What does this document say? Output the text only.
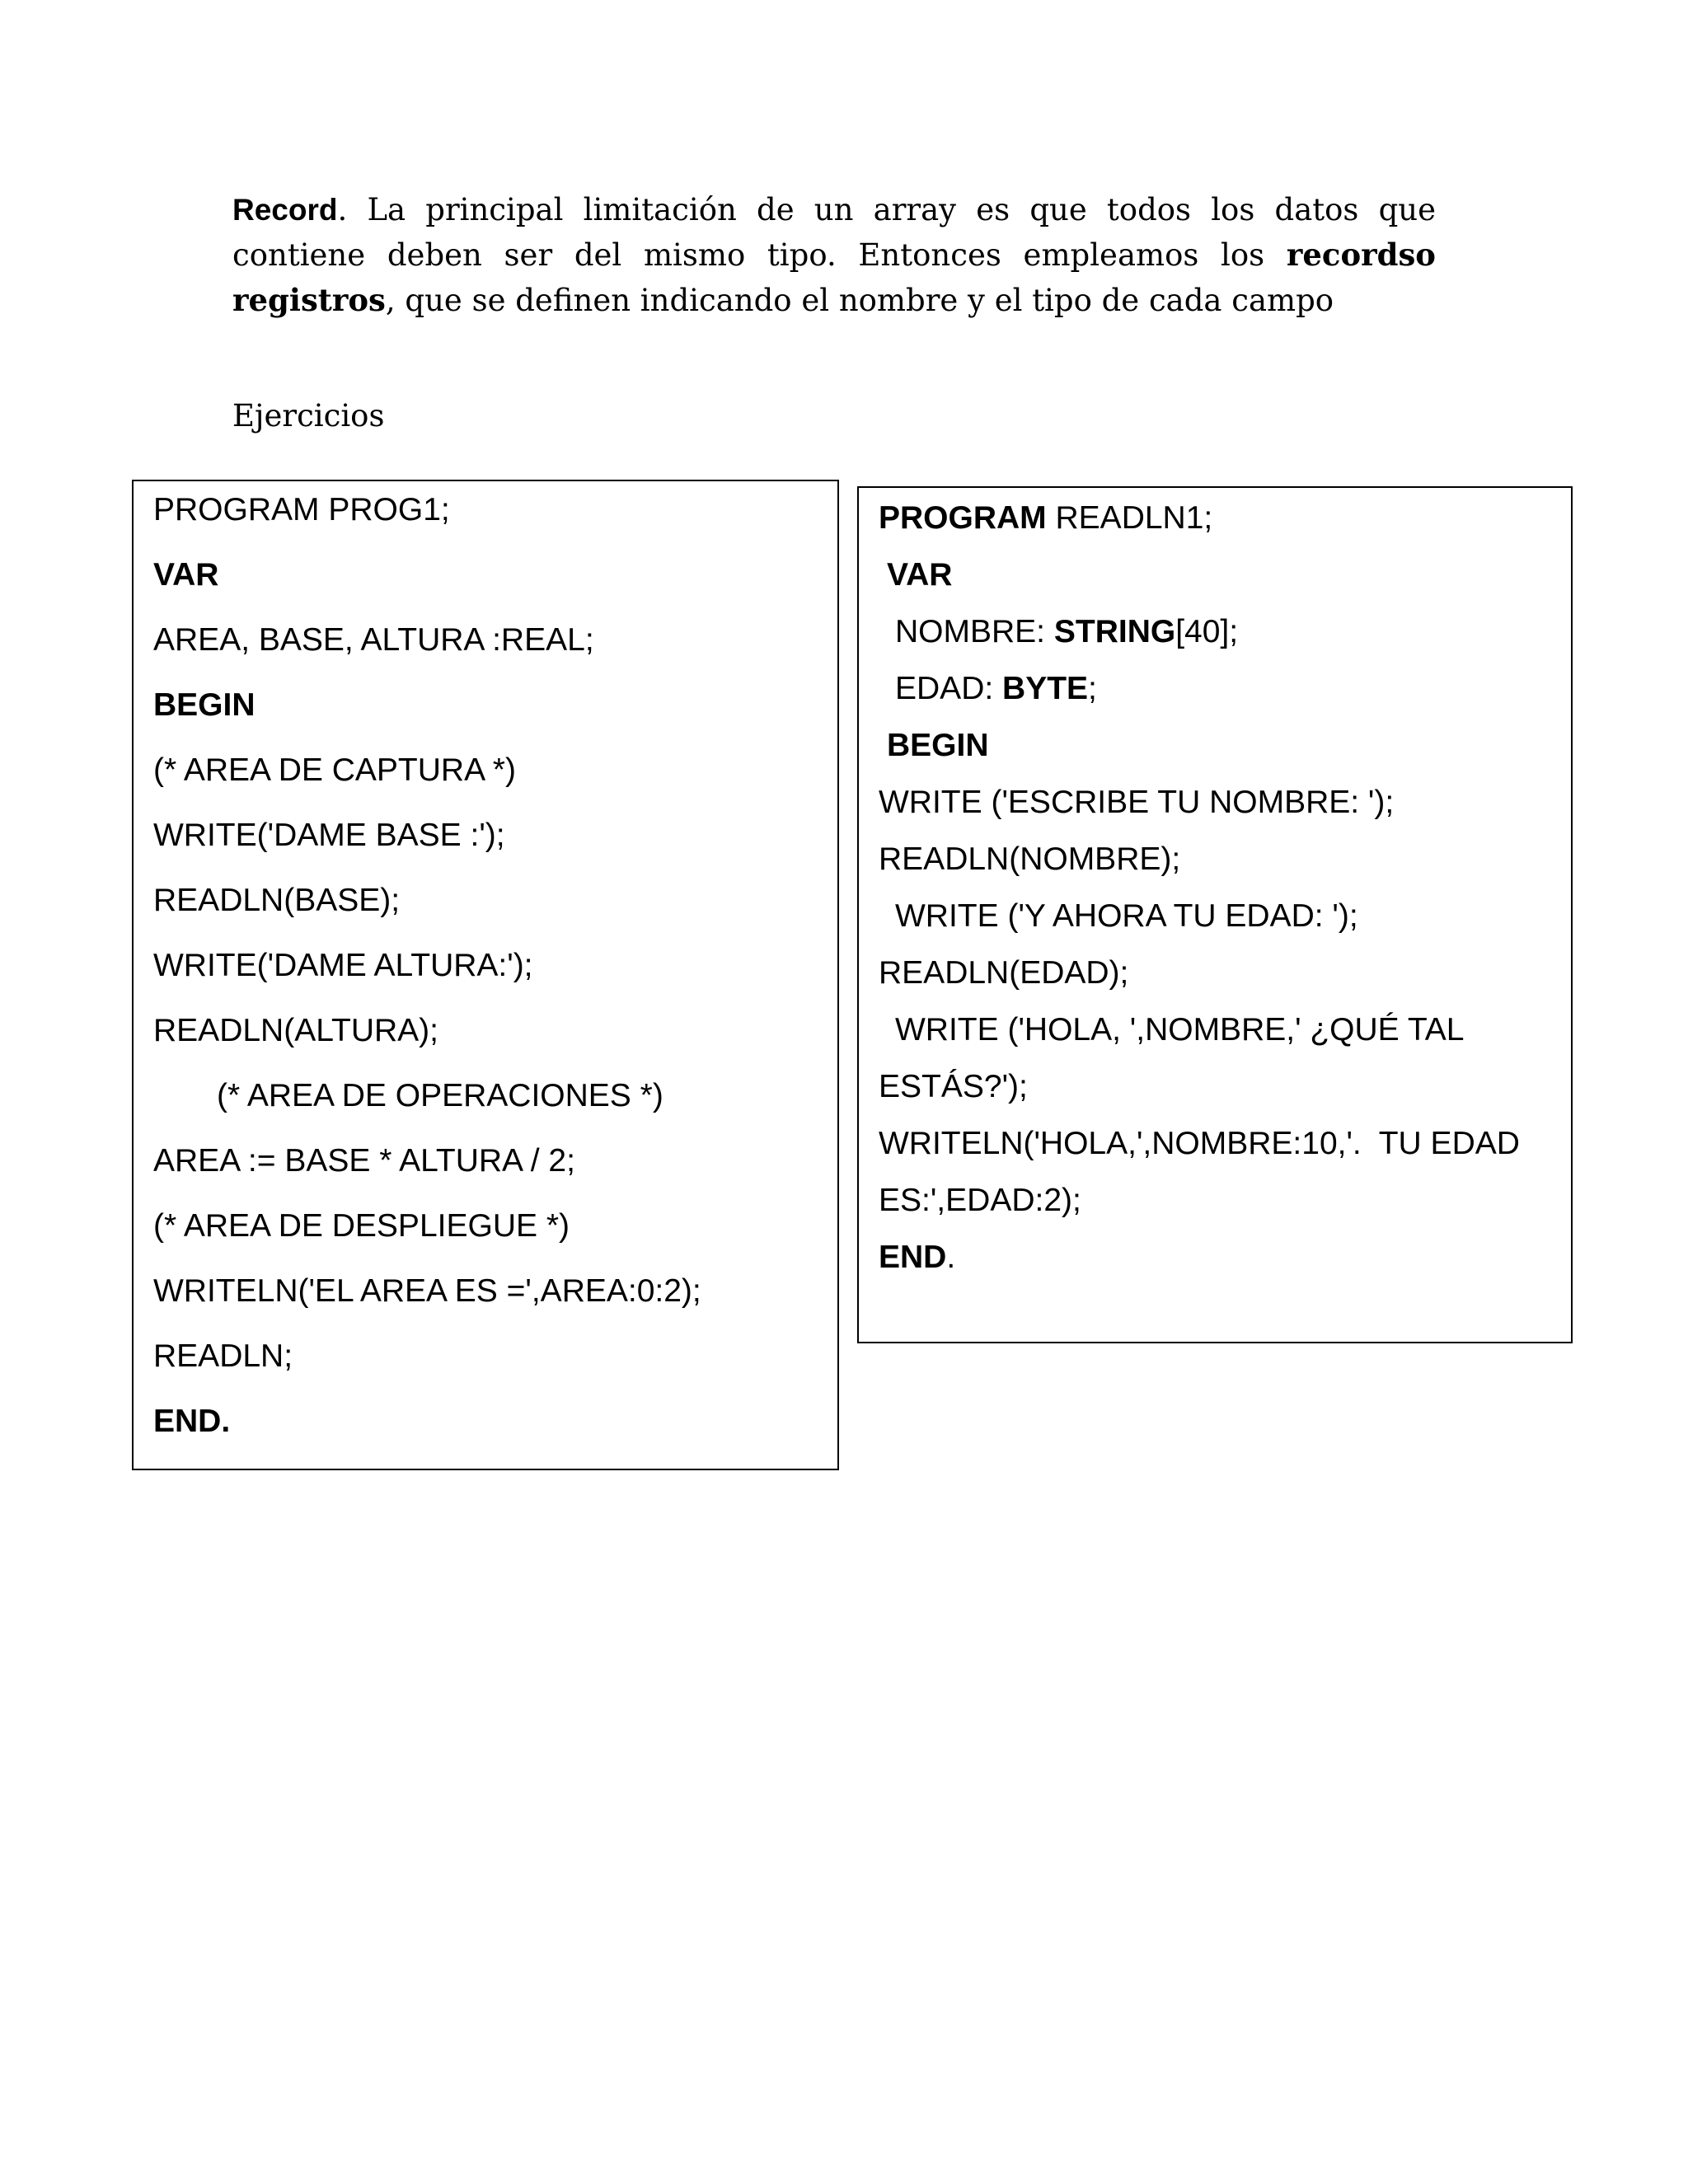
Record. La principal limitación de un array es que todos los datos que contiene deben ser del mismo tipo. Entonces empleamos los recordso registros, que se definen indicando el nombre y el tipo de cada campo
Ejercicios
PROGRAM PROG1;
VAR
AREA, BASE, ALTURA :REAL;
BEGIN
(* AREA DE CAPTURA *)
WRITE('DAME BASE :');
READLN(BASE);
WRITE('DAME ALTURA:');
READLN(ALTURA);
(* AREA DE OPERACIONES *)
AREA := BASE * ALTURA / 2;
(* AREA DE DESPLIEGUE *)
WRITELN('EL AREA ES =',AREA:0:2);
READLN;
END.
PROGRAM READLN1;
VAR
NOMBRE: STRING[40];
EDAD: BYTE;
BEGIN
WRITE ('ESCRIBE TU NOMBRE: ');
READLN(NOMBRE);
WRITE ('Y AHORA TU EDAD: ');
READLN(EDAD);
WRITE ('HOLA, ',NOMBRE,' ¿QUÉ TAL
ESTÁS?');
WRITELN('HOLA,',NOMBRE:10,'.  TU EDAD
ES:',EDAD:2);
END.
